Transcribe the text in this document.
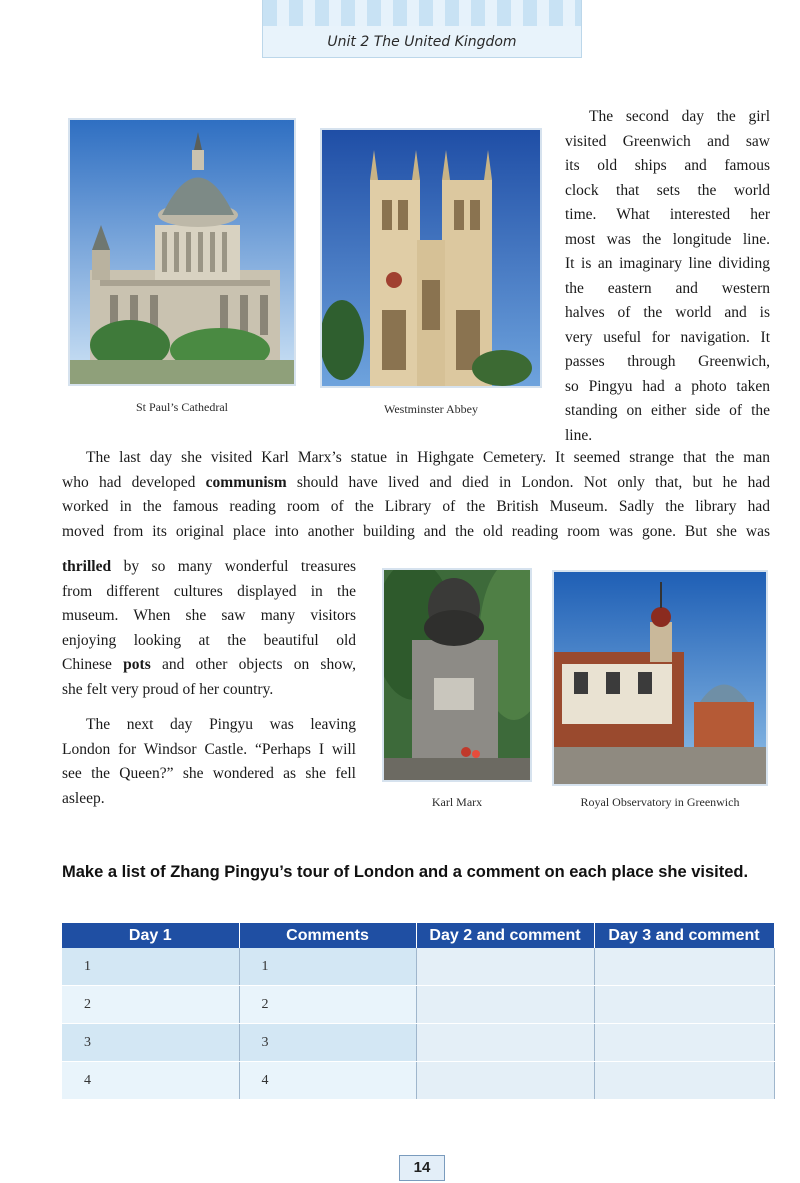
Unit 2 The United Kingdom
St Paul’s Cathedral	Westminster Abbey
The second day the girl
visited Greenwich and saw
its old ships and famous
clock that sets the world
time. What interested her
most was the longitude line.
It is an imaginary line dividing
the eastern and western
halves of the world and is
very useful for navigation. It
passes through Greenwich,
so Pingyu had a photo taken
standing on either side of the
line.
The last day she visited Karl Marx’s statue in Highgate Cemetery. It seemed strange that the man
who had developed communism should have lived and died in London. Not only that, but he had
worked in the famous reading room of the Library of the British Museum. Sadly the library had
moved from its original place into another building and the old reading room was gone. But she was
thrilled by so many wonderful treasures
from different cultures displayed in the
museum. When she saw many visitors
enjoying looking at the beautiful old
Chinese pots and other objects on show,
she felt very proud of her country.
The next day Pingyu was leaving
London for Windsor Castle. “Perhaps I will
see the Queen?” she wondered as she fell
asleep.	Karl Marx	Royal Observatory in Greenwich
Make a list of Zhang Pingyu’s tour of London and a comment on each place she visited.
Day 1	Comments	Day 2 and comment	Day 3 and comment
1	1		
2	2		
3	3		
4	4		
14
